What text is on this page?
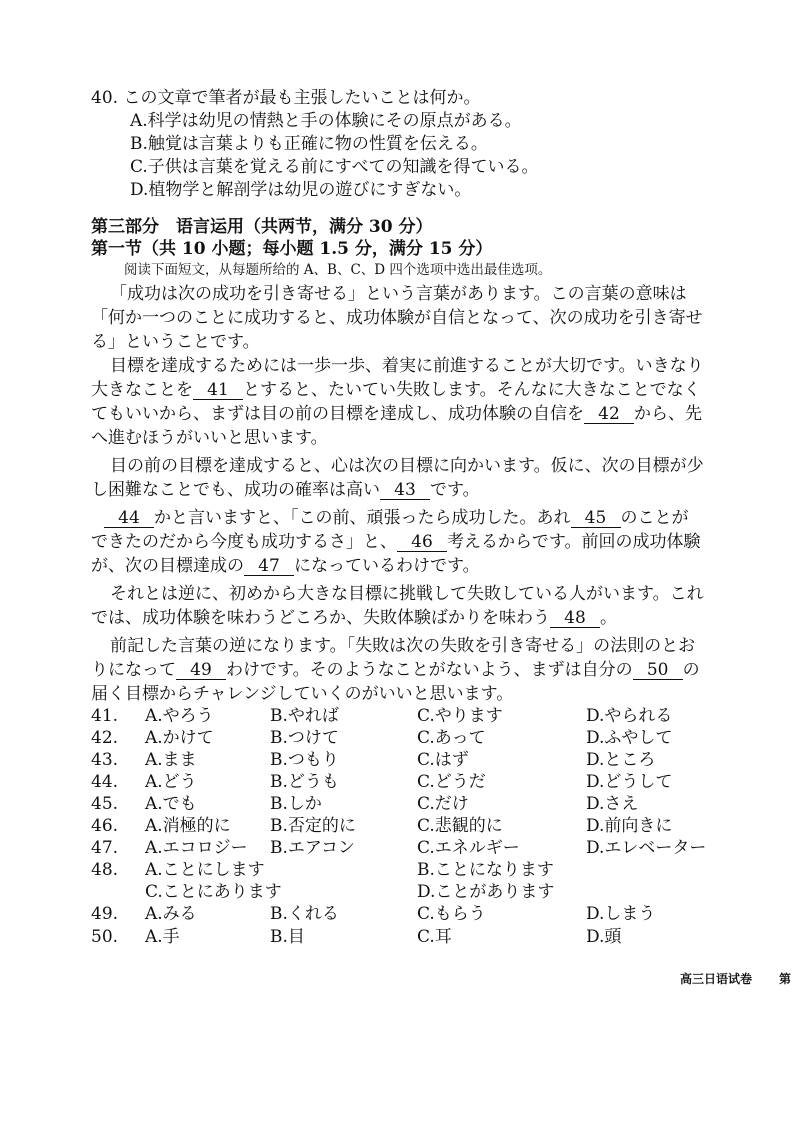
40. この文章で筆者が最も主張したいことは何か。
A.科学は幼児の情熱と手の体験にその原点がある。
B.触覚は言葉よりも正確に物の性質を伝える。
C.子供は言葉を覚える前にすべての知識を得ている。
D.植物学と解剖学は幼児の遊びにすぎない。
第三部分　语言运用（共两节，满分 30 分）
第一节（共 10 小题；每小题 1.5 分，满分 15 分）
阅读下面短文，从每题所给的 A、B、C、D 四个选项中选出最佳选项。
「成功は次の成功を引き寄せる」という言葉があります。この言葉の意味は
「何か一つのことに成功すると、成功体験が自信となって、次の成功を引き寄せ
る」ということです。
目標を達成するためには一歩一歩、着実に前進することが大切です。いきなり
大きなことを 41 とすると、たいてい失敗します。そんなに大きなことでなく
てもいいから、まずは目の前の目標を達成し、成功体験の自信を 42 から、先
へ進むほうがいいと思います。
目の前の目標を達成すると、心は次の目標に向かいます。仮に、次の目標が少
し困難なことでも、成功の確率は高い 43 です。
44 かと言いますと、「この前、頑張ったら成功した。あれ 45 のことが
できたのだから今度も成功するさ」と、 46 考えるからです。前回の成功体験
が、次の目標達成の 47 になっているわけです。
それとは逆に、初めから大きな目標に挑戦して失敗している人がいます。これ
では、成功体験を味わうどころか、失敗体験ばかりを味わう 48 。
前記した言葉の逆になります。「失敗は次の失敗を引き寄せる」の法則のとお
りになって 49 わけです。そのようなことがないよう、まずは自分の 50 の
届く目標からチャレンジしていくのがいいと思います。
41. A.やろう	B.やれば	C.やります	D.やられる
42. A.かけて	B.つけて	C.あって	D.ふやして
43. A.まま	B.つもり	C.はず	D.ところ
44. A.どう	B.どうも	C.どうだ	D.どうして
45. A.でも	B.しか	C.だけ	D.さえ
46. A.消極的に B.否定的に	C.悲観的に	D.前向きに
47. A.エコロジー B.エアコン	C.エネルギー	D.エレベーター
48. A.ことにします	B.ことになります
C.ことにあります	D.ことがあります
49. A.みる	B.くれる	C.もらう	D.しまう
50. A.手	B.目	C.耳	D.頭
高三日语试卷 第
